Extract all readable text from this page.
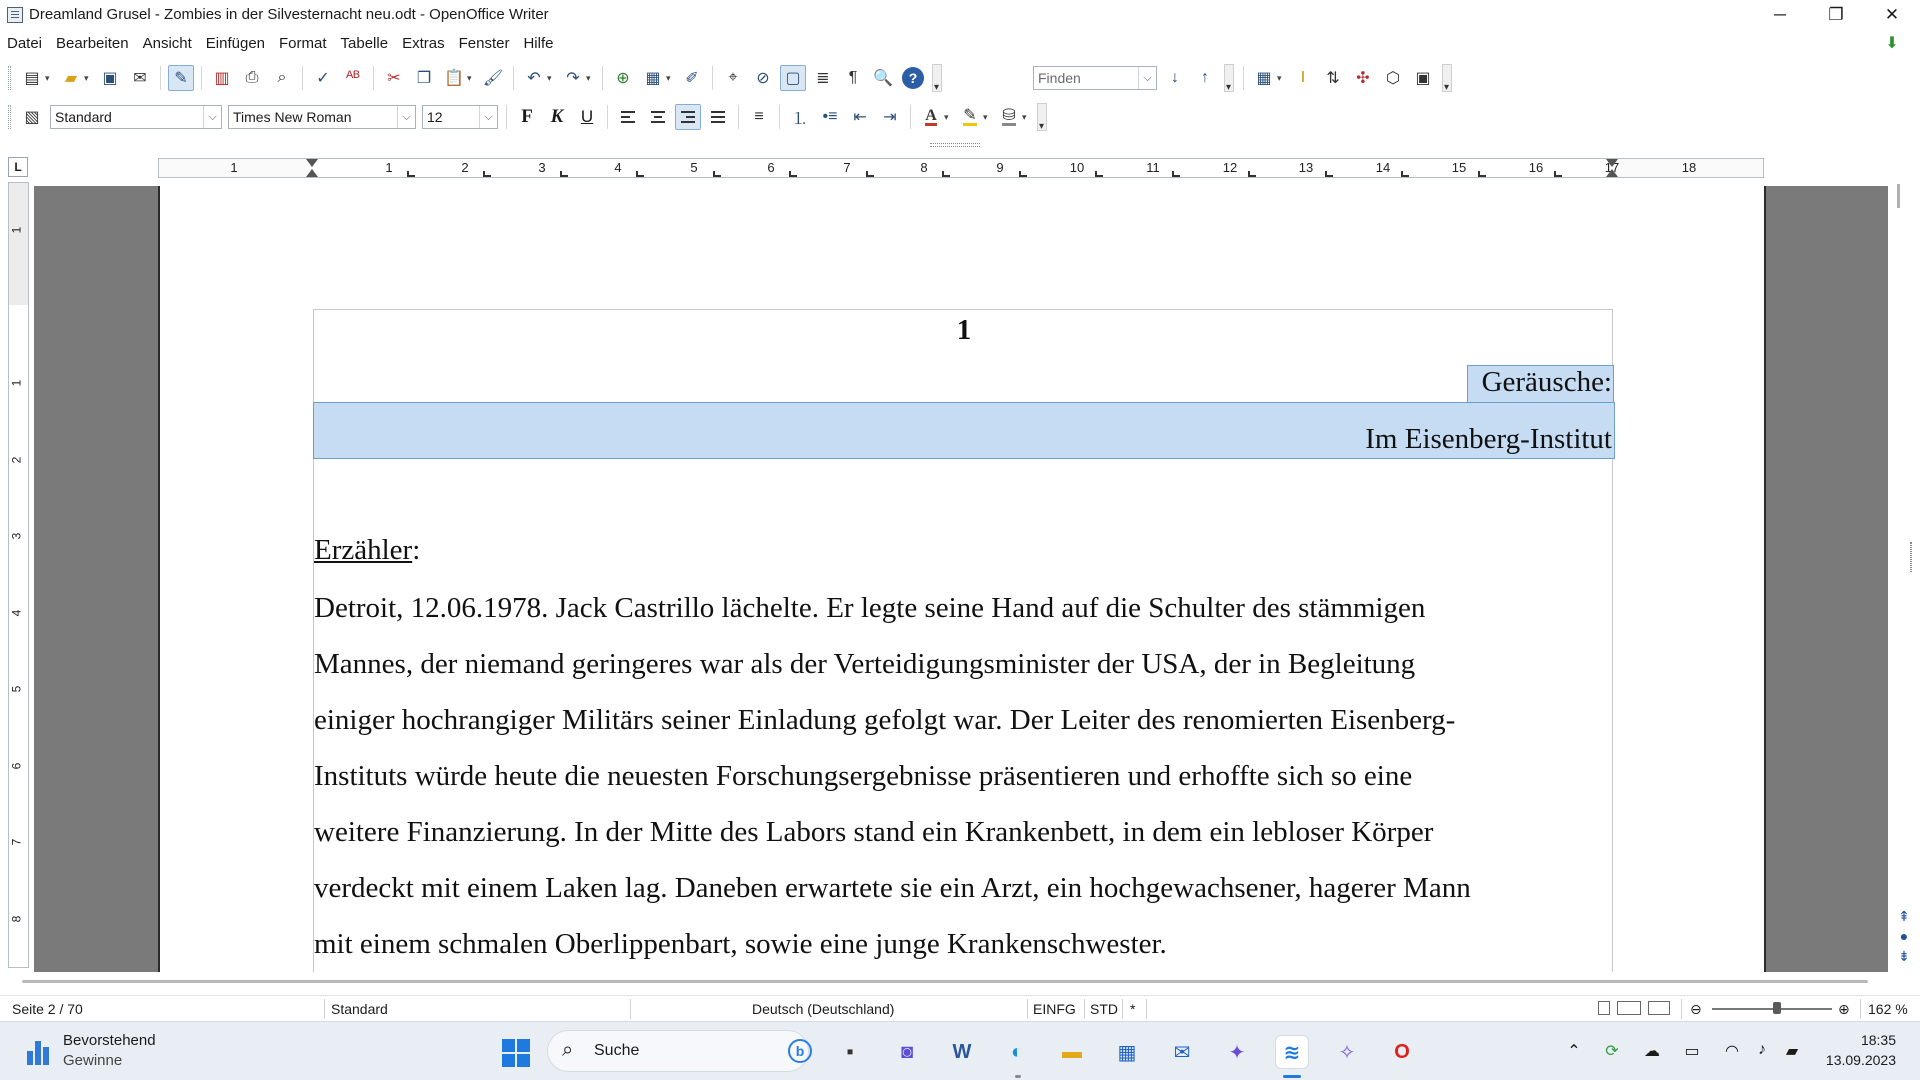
Dreamland Grusel - Zombies in der Silvesternacht neu.odt - OpenOffice Writer	─	❐	✕
Datei Bearbeiten Ansicht Einfügen Format Tabelle Extras Fenster Hilfe	⬇
▤ ▾ ▰ ▾ ▣ ✉	✎	▥	⎙	⌕	✓	ᴬᴮ	✂	❐ 📋 ▾ 🖌	↶ ▾ ↷ ▾	⊕ ▦ ▾ ✐	⌖	⊘ ▢ ≣	¶ 🔍	? ▾	Finden	⌵	↓	↑ ▾	▦ ▾	I	⇅	✣	⬡ ▣
▾
▧	Standard	⌵	Times New Roman	⌵	12	⌵ F K U	≡	⒈ •≡ ⇤	⇥	A ▾ ✎ ▾ ⛁ ▾
▾
L	1	1	2	3	4	5	6	7	8	9	10	11	12	13	14	15	16	17	18
1
1
2
3
4
5
6
7
8
1
Geräusche:
Im Eisenberg-Institut
Erzähler:
Detroit, 12.06.1978. Jack Castrillo lächelte. Er legte seine Hand auf die Schulter des stämmigen
Mannes, der niemand geringeres war als der Verteidigungsminister der USA, der in Begleitung
einiger hochrangiger Militärs seiner Einladung gefolgt war. Der Leiter des renomierten Eisenberg-
Instituts würde heute die neuesten Forschungsergebnisse präsentieren und erhoffte sich so eine
weitere Finanzierung. In der Mitte des Labors stand ein Krankenbett, in dem ein lebloser Körper
verdeckt mit einem Laken lag. Daneben erwartete sie ein Arzt, ein hochgewachsener, hagerer Mann
mit einem schmalen Oberlippenbart, sowie eine junge Krankenschwester.
⇞
●
⇟
Seite 2 / 70	Standard	Deutsch (Deutschland)	EINFG STD *	⊖	⊕ 162 %
Bevorstehend
Gewinne	⌕ Suche	b	▪	◙	W	◐	▬	▦	✉	✦	≋	✧	O	⌃	⟳	☁ ▭	◠	♪	▰
18:35
13.09.2023
